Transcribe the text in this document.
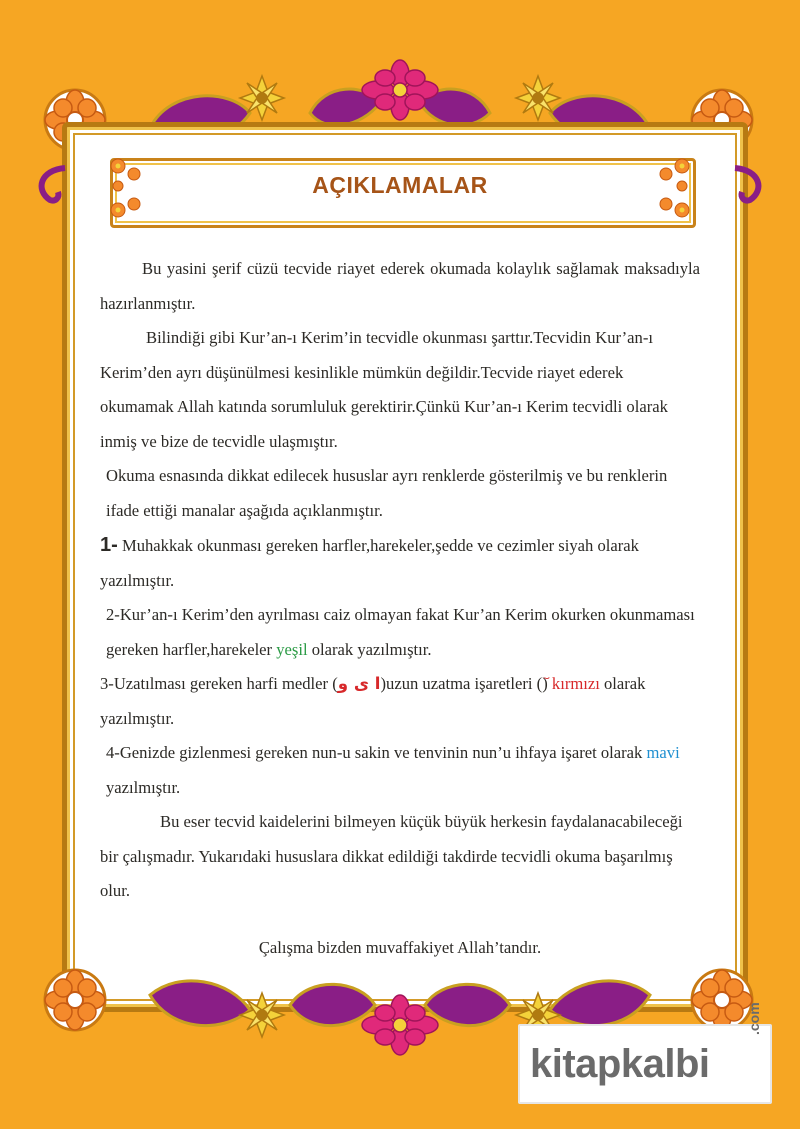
AÇIKLAMALAR

Bu yasini şerif cüzü tecvide riayet ederek okumada kolaylık sağlamak maksadıyla hazırlanmıştır.

Bilindiği gibi Kur’an-ı Kerim’in tecvidle okunması şarttır.Tecvidin Kur’an-ı Kerim’den ayrı düşünülmesi kesinlikle mümkün değildir.Tecvide riayet ederek okumamak Allah katında sorumluluk gerektirir.Çünkü Kur’an-ı Kerim tecvidli olarak inmiş ve bize de tecvidle ulaşmıştır.

Okuma esnasında dikkat edilecek hususlar ayrı renklerde gösterilmiş ve bu renklerin ifade ettiği manalar aşağıda açıklanmıştır.

1- Muhakkak okunması gereken harfler,harekeler,şedde ve cezimler siyah olarak yazılmıştır.

2-Kur’an-ı Kerim’den ayrılması caiz olmayan fakat Kur’an Kerim okurken okunmaması gereken harfler,harekeler yeşil olarak yazılmıştır.

3-Uzatılması gereken harfi medler (ا ى و)uzun uzatma işaretleri () kırmızı olarak yazılmıştır.

4-Genizde gizlenmesi gereken nun-u sakin ve tenvinin nun’u ihfaya işaret olarak mavi yazılmıştır.

Bu eser tecvid kaidelerini bilmeyen küçük büyük herkesin faydalanacabileceği bir çalışmadır. Yukarıdaki hususlara dikkat edildiği takdirde tecvidli okuma başarılmış olur.

Çalışma bizden muvaffakiyet Allah’tandır.

kitapkalbi
.com
